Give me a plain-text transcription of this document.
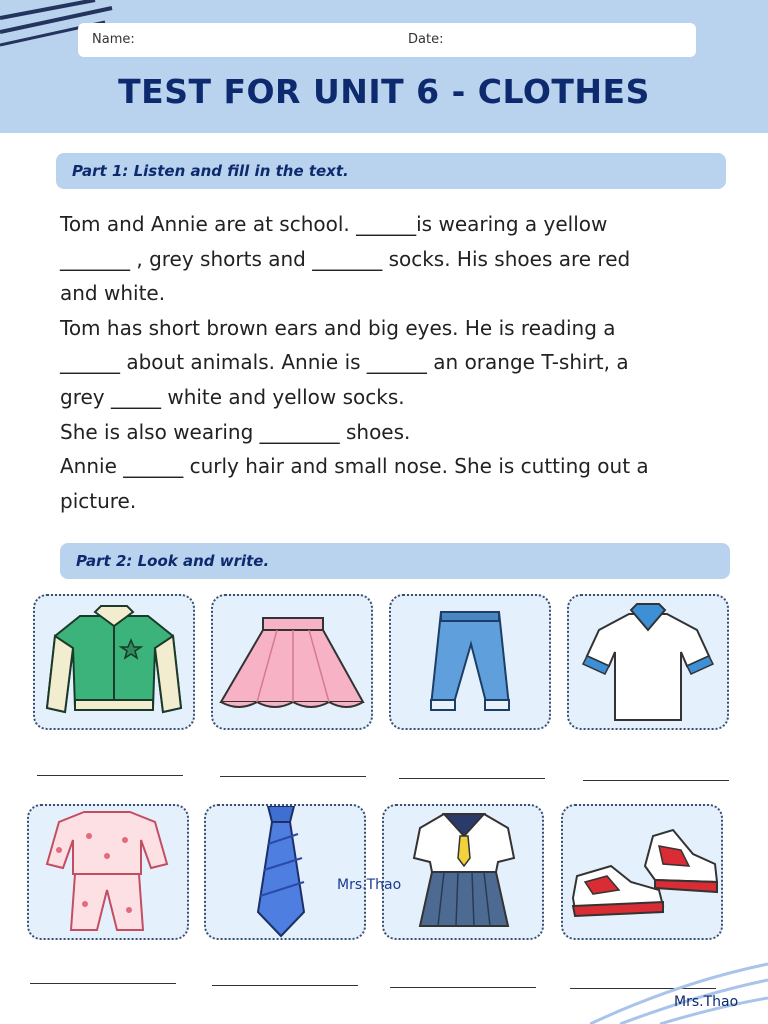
Name:	Date:
TEST FOR UNIT 6 - CLOTHES
Part 1: Listen and fill in the text.

Tom and Annie are at school. ______is wearing a yellow

_______ , grey shorts and _______ socks. His shoes are red

and white.

Tom has short brown ears and big eyes. He is reading a

______ about animals. Annie is ______ an orange T-shirt, a

grey _____ white and yellow socks.

She is also wearing ________ shoes.

Annie ______ curly hair and small nose. She is cutting out a

picture.

Part 2: Look and write.
Mrs.Thao
Mrs.Thao
